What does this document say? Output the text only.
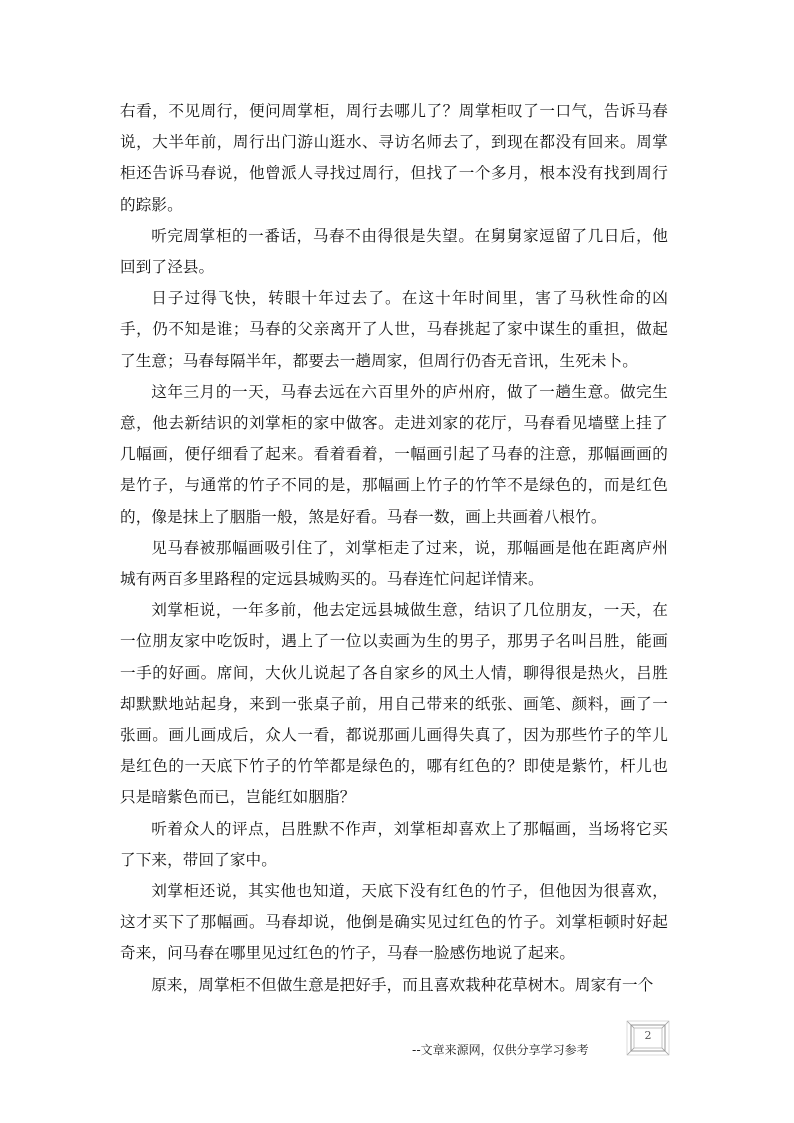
右看，不见周行，便问周掌柜，周行去哪儿了？周掌柜叹了一口气，告诉马春说，大半年前，周行出门游山逛水、寻访名师去了，到现在都没有回来。周掌柜还告诉马春说，他曾派人寻找过周行，但找了一个多月，根本没有找到周行的踪影。

听完周掌柜的一番话，马春不由得很是失望。在舅舅家逗留了几日后，他回到了泾县。

日子过得飞快，转眼十年过去了。在这十年时间里，害了马秋性命的凶手，仍不知是谁；马春的父亲离开了人世，马春挑起了家中谋生的重担，做起了生意；马春每隔半年，都要去一趟周家，但周行仍杳无音讯，生死未卜。

这年三月的一天，马春去远在六百里外的庐州府，做了一趟生意。做完生意，他去新结识的刘掌柜的家中做客。走进刘家的花厅，马春看见墙壁上挂了几幅画，便仔细看了起来。看着看着，一幅画引起了马春的注意，那幅画画的是竹子，与通常的竹子不同的是，那幅画上竹子的竹竿不是绿色的，而是红色的，像是抹上了胭脂一般，煞是好看。马春一数，画上共画着八根竹。

见马春被那幅画吸引住了，刘掌柜走了过来，说，那幅画是他在距离庐州城有两百多里路程的定远县城购买的。马春连忙问起详情来。

刘掌柜说，一年多前，他去定远县城做生意，结识了几位朋友，一天，在一位朋友家中吃饭时，遇上了一位以卖画为生的男子，那男子名叫吕胜，能画一手的好画。席间，大伙儿说起了各自家乡的风土人情，聊得很是热火，吕胜却默默地站起身，来到一张桌子前，用自己带来的纸张、画笔、颜料，画了一张画。画儿画成后，众人一看，都说那画儿画得失真了，因为那些竹子的竿儿是红色的一天底下竹子的竹竿都是绿色的，哪有红色的？即使是紫竹，杆儿也只是暗紫色而已，岂能红如胭脂？

听着众人的评点，吕胜默不作声，刘掌柜却喜欢上了那幅画，当场将它买了下来，带回了家中。

刘掌柜还说，其实他也知道，天底下没有红色的竹子，但他因为很喜欢，这才买下了那幅画。马春却说，他倒是确实见过红色的竹子。刘掌柜顿时好起奇来，问马春在哪里见过红色的竹子，马春一脸感伤地说了起来。

原来，周掌柜不但做生意是把好手，而且喜欢栽种花草树木。周家有一个

2
--文章来源网，仅供分享学习参考
